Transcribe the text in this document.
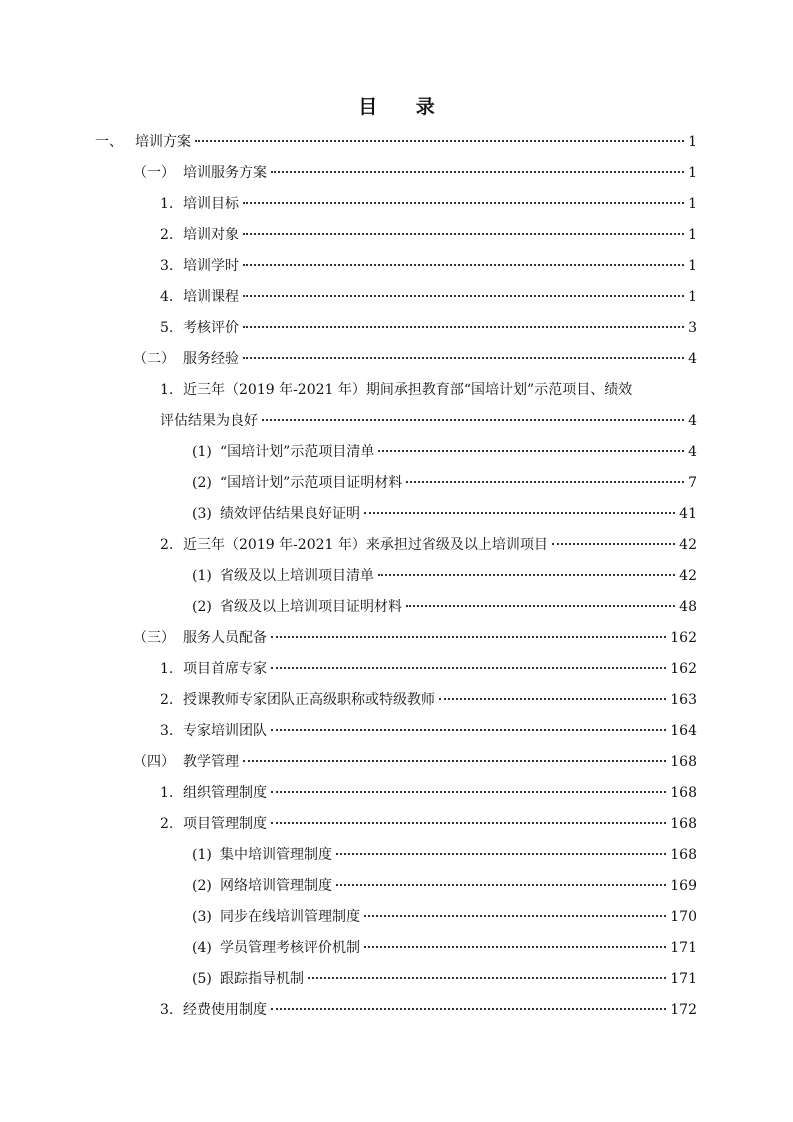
目 录
一、 培训方案	1
（一） 培训服务方案	1
1. 培训目标	1
2. 培训对象	1
3. 培训学时	1
4. 培训课程	1
5. 考核评价	3
（二） 服务经验	4
1. 近三年（2019 年-2021 年）期间承担教育部“国培计划”示范项目、绩效
评估结果为良好	4
(1) “国培计划”示范项目清单	4
(2) “国培计划”示范项目证明材料	7
(3) 绩效评估结果良好证明	41
2. 近三年（2019 年-2021 年）来承担过省级及以上培训项目	42
(1) 省级及以上培训项目清单	42
(2) 省级及以上培训项目证明材料	48
（三） 服务人员配备	162
1. 项目首席专家	162
2. 授课教师专家团队正高级职称或特级教师	163
3. 专家培训团队	164
（四） 教学管理	168
1. 组织管理制度	168
2. 项目管理制度	168
(1) 集中培训管理制度	168
(2) 网络培训管理制度	169
(3) 同步在线培训管理制度	170
(4) 学员管理考核评价机制	171
(5) 跟踪指导机制	171
3. 经费使用制度	172
